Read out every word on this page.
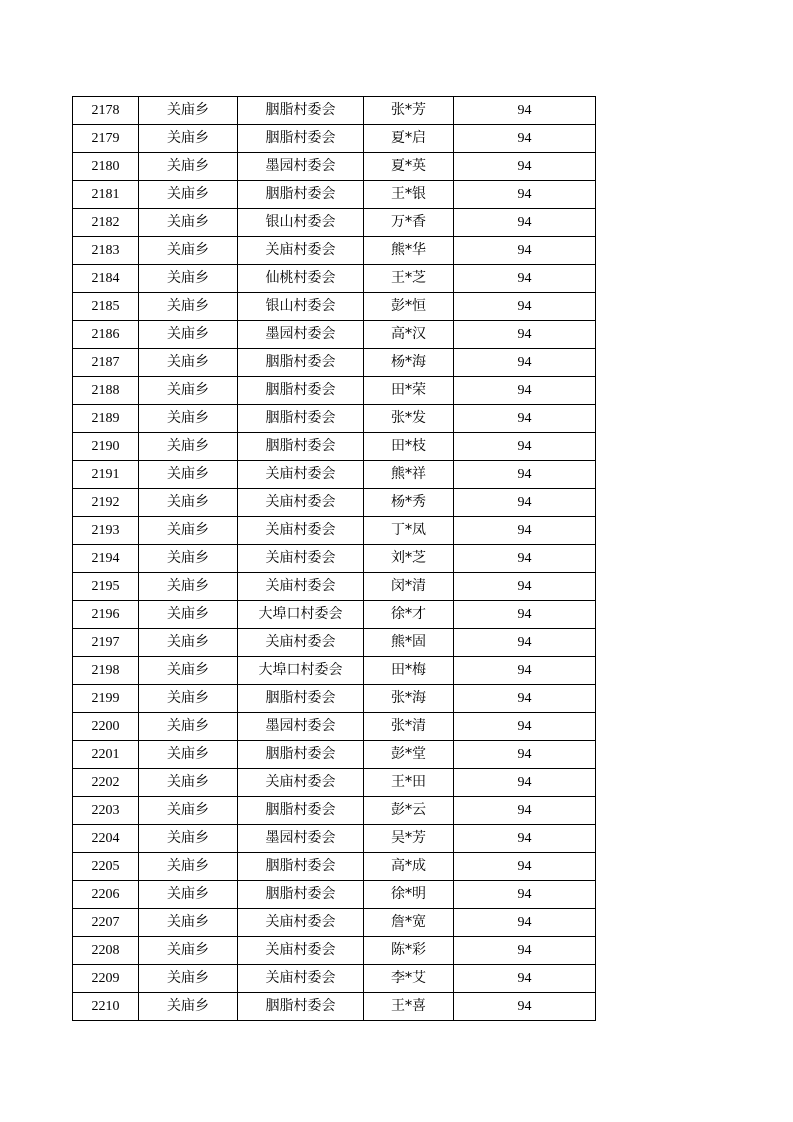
2178	关庙乡	胭脂村委会	张*芳	94
2179	关庙乡	胭脂村委会	夏*启	94
2180	关庙乡	墨园村委会	夏*英	94
2181	关庙乡	胭脂村委会	王*银	94
2182	关庙乡	银山村委会	万*香	94
2183	关庙乡	关庙村委会	熊*华	94
2184	关庙乡	仙桃村委会	王*芝	94
2185	关庙乡	银山村委会	彭*恒	94
2186	关庙乡	墨园村委会	高*汉	94
2187	关庙乡	胭脂村委会	杨*海	94
2188	关庙乡	胭脂村委会	田*荣	94
2189	关庙乡	胭脂村委会	张*发	94
2190	关庙乡	胭脂村委会	田*枝	94
2191	关庙乡	关庙村委会	熊*祥	94
2192	关庙乡	关庙村委会	杨*秀	94
2193	关庙乡	关庙村委会	丁*凤	94
2194	关庙乡	关庙村委会	刘*芝	94
2195	关庙乡	关庙村委会	闵*清	94
2196	关庙乡	大埠口村委会	徐*才	94
2197	关庙乡	关庙村委会	熊*固	94
2198	关庙乡	大埠口村委会	田*梅	94
2199	关庙乡	胭脂村委会	张*海	94
2200	关庙乡	墨园村委会	张*清	94
2201	关庙乡	胭脂村委会	彭*堂	94
2202	关庙乡	关庙村委会	王*田	94
2203	关庙乡	胭脂村委会	彭*云	94
2204	关庙乡	墨园村委会	吴*芳	94
2205	关庙乡	胭脂村委会	高*成	94
2206	关庙乡	胭脂村委会	徐*明	94
2207	关庙乡	关庙村委会	詹*宽	94
2208	关庙乡	关庙村委会	陈*彩	94
2209	关庙乡	关庙村委会	李*艾	94
2210	关庙乡	胭脂村委会	王*喜	94
